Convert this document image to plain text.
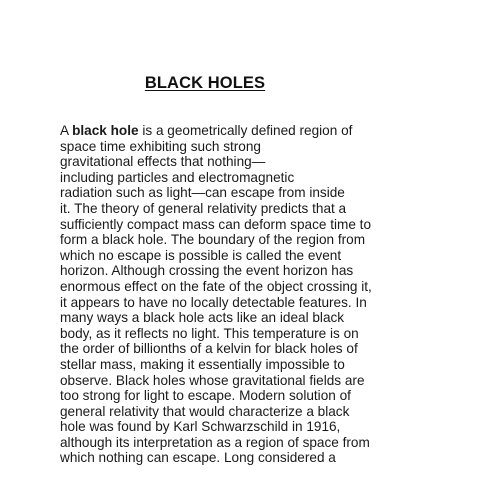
BLACK HOLES
A black hole is a geometrically defined region of
space time exhibiting such strong
gravitational effects that nothing—
including particles and electromagnetic
radiation such as light—can escape from inside
it. The theory of general relativity predicts that a
sufficiently compact mass can deform space time to
form a black hole. The boundary of the region from
which no escape is possible is called the event
horizon. Although crossing the event horizon has
enormous effect on the fate of the object crossing it,
it appears to have no locally detectable features. In
many ways a black hole acts like an ideal black
body, as it reflects no light. This temperature is on
the order of billionths of a kelvin for black holes of
stellar mass, making it essentially impossible to
observe. Black holes whose gravitational fields are
too strong for light to escape. Modern solution of
general relativity that would characterize a black
hole was found by Karl Schwarzschild in 1916,
although its interpretation as a region of space from
which nothing can escape. Long considered a
